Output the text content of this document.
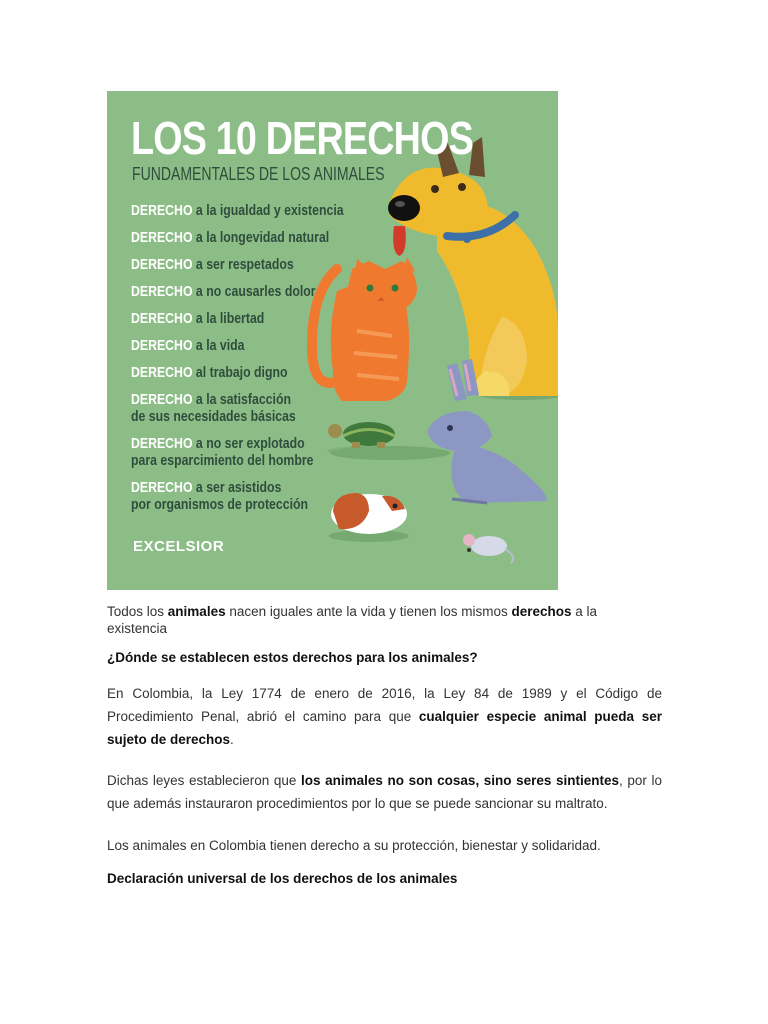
LOS 10 DERECHOS
FUNDAMENTALES DE LOS ANIMALES
DERECHO a la igualdad y existencia
DERECHO a la longevidad natural
DERECHO a ser respetados
DERECHO a no causarles dolor
DERECHO a la libertad
DERECHO a la vida
DERECHO al trabajo digno
DERECHO a la satisfacción
de sus necesidades básicas
DERECHO a no ser explotado
para esparcimiento del hombre
DERECHO a ser asistidos
por organismos de protección
EXCELSIOR

Todos los animales nacen iguales ante la vida y tienen los mismos derechos a la existencia

¿Dónde se establecen estos derechos para los animales?

En Colombia, la Ley 1774 de enero de 2016, la Ley 84 de 1989 y el Código de Procedimiento Penal, abrió el camino para que cualquier especie animal pueda ser sujeto de derechos.

Dichas leyes establecieron que los animales no son cosas, sino seres sintientes, por lo que además instauraron procedimientos por lo que se puede sancionar su maltrato.

Los animales en Colombia tienen derecho a su protección, bienestar y solidaridad.

Declaración universal de los derechos de los animales
